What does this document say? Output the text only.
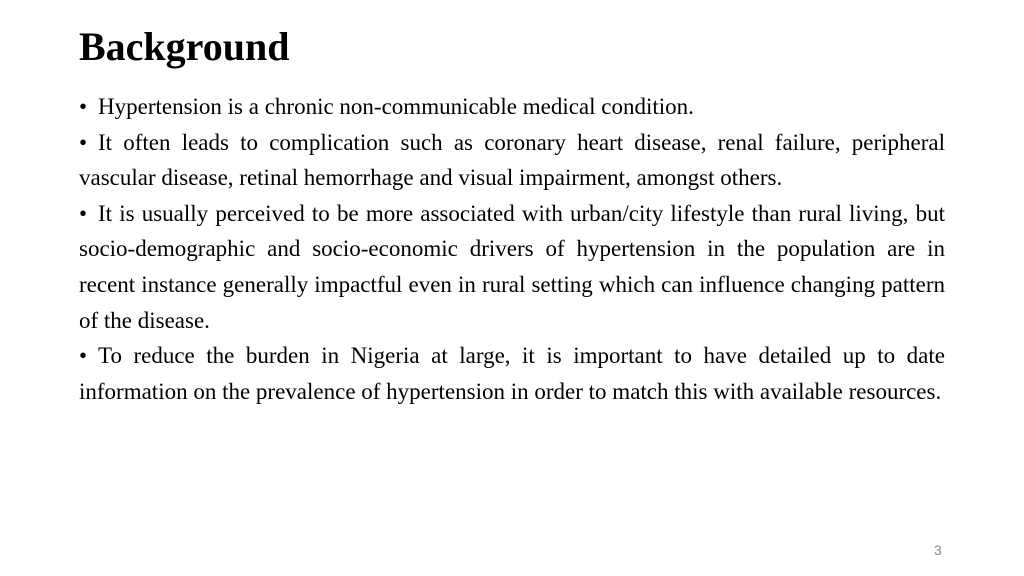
Background
• Hypertension is a chronic non-communicable medical condition.
• It often leads to complication such as coronary heart disease, renal failure, peripheral vascular disease, retinal hemorrhage and visual impairment, amongst others.
• It is usually perceived to be more associated with urban/city lifestyle than rural living, but socio-demographic and socio-economic drivers of hypertension in the population are in recent instance generally impactful even in rural setting which can influence changing pattern of the disease.
• To reduce the burden in Nigeria at large, it is important to have detailed up to date information on the prevalence of hypertension in order to match this with available resources.
3
